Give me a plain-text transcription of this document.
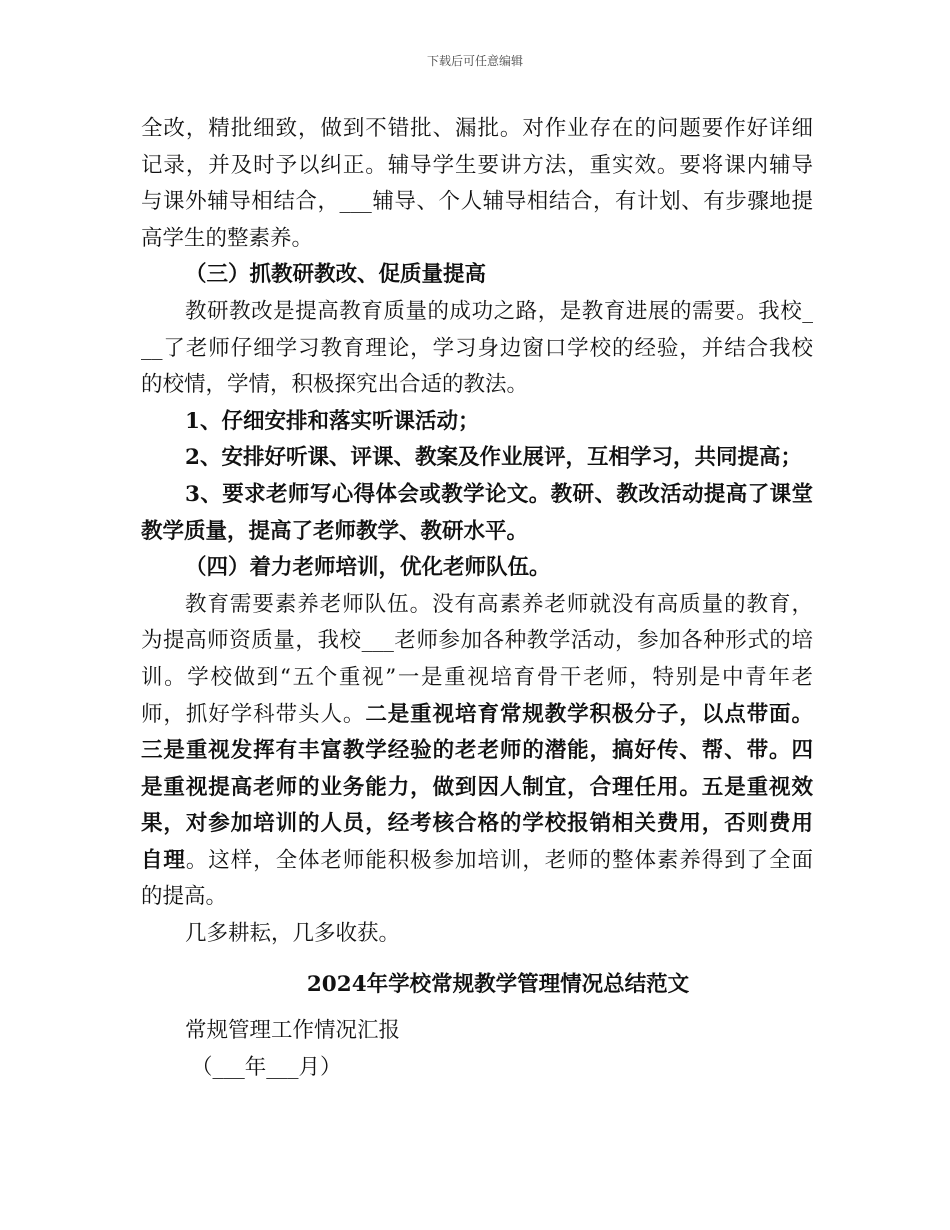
下载后可任意编辑
全改，精批细致，做到不错批、漏批。对作业存在的问题要作好详细
记录，并及时予以纠正。辅导学生要讲方法，重实效。要将课内辅导
与课外辅导相结合，___辅导、个人辅导相结合，有计划、有步骤地提
高学生的整素养。
（三）抓教研教改、促质量提高
教研教改是提高教育质量的成功之路，是教育进展的需要。我校_
__了老师仔细学习教育理论，学习身边窗口学校的经验，并结合我校
的校情，学情，积极探究出合适的教法。
1、仔细安排和落实听课活动；
2、安排好听课、评课、教案及作业展评，互相学习，共同提高；
3、要求老师写心得体会或教学论文。教研、教改活动提高了课堂
教学质量，提高了老师教学、教研水平。
（四）着力老师培训，优化老师队伍。
教育需要素养老师队伍。没有高素养老师就没有高质量的教育，
为提高师资质量，我校___老师参加各种教学活动，参加各种形式的培
训。学校做到“五个重视”一是重视培育骨干老师，特别是中青年老
师，抓好学科带头人。二是重视培育常规教学积极分子，以点带面。
三是重视发挥有丰富教学经验的老老师的潜能，搞好传、帮、带。四
是重视提高老师的业务能力，做到因人制宜，合理任用。五是重视效
果，对参加培训的人员，经考核合格的学校报销相关费用，否则费用
自理。这样，全体老师能积极参加培训，老师的整体素养得到了全面
的提高。
几多耕耘，几多收获。
2024年学校常规教学管理情况总结范文
常规管理工作情况汇报
（___年___月）
